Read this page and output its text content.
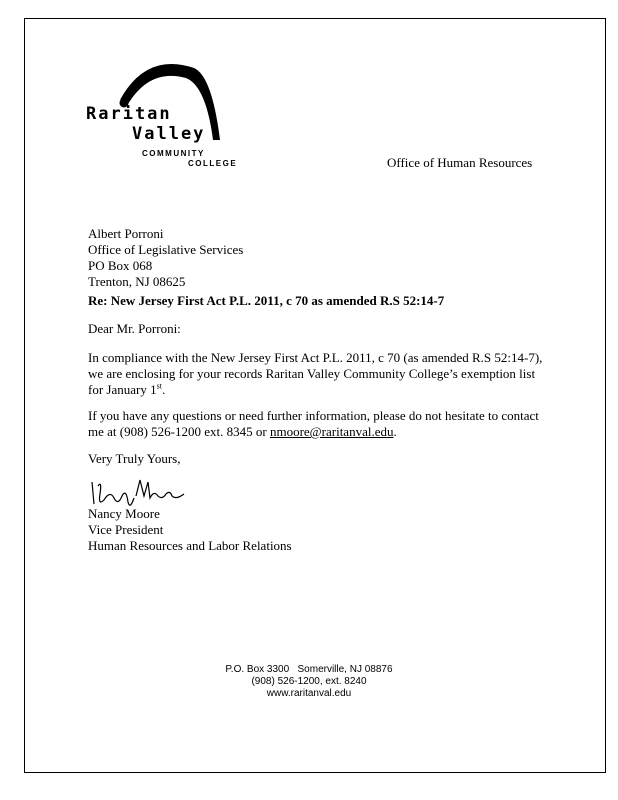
Raritan
Valley
COMMUNITY
COLLEGE	Office of Human Resources
Albert Porroni
Office of Legislative Services
PO Box 068
Trenton, NJ 08625
Re: New Jersey First Act P.L. 2011, c 70 as amended R.S 52:14-7
Dear Mr. Porroni:
In compliance with the New Jersey First Act P.L. 2011, c 70 (as amended R.S 52:14-7), we are enclosing for your records Raritan Valley Community College’s exemption list for January 1st.
If you have any questions or need further information, please do not hesitate to contact me at (908) 526-1200 ext. 8345 or nmoore@raritanval.edu.
Very Truly Yours,
Nancy Moore
Vice President
Human Resources and Labor Relations
P.O. Box 3300   Somerville, NJ 08876
(908) 526-1200, ext. 8240
www.raritanval.edu
